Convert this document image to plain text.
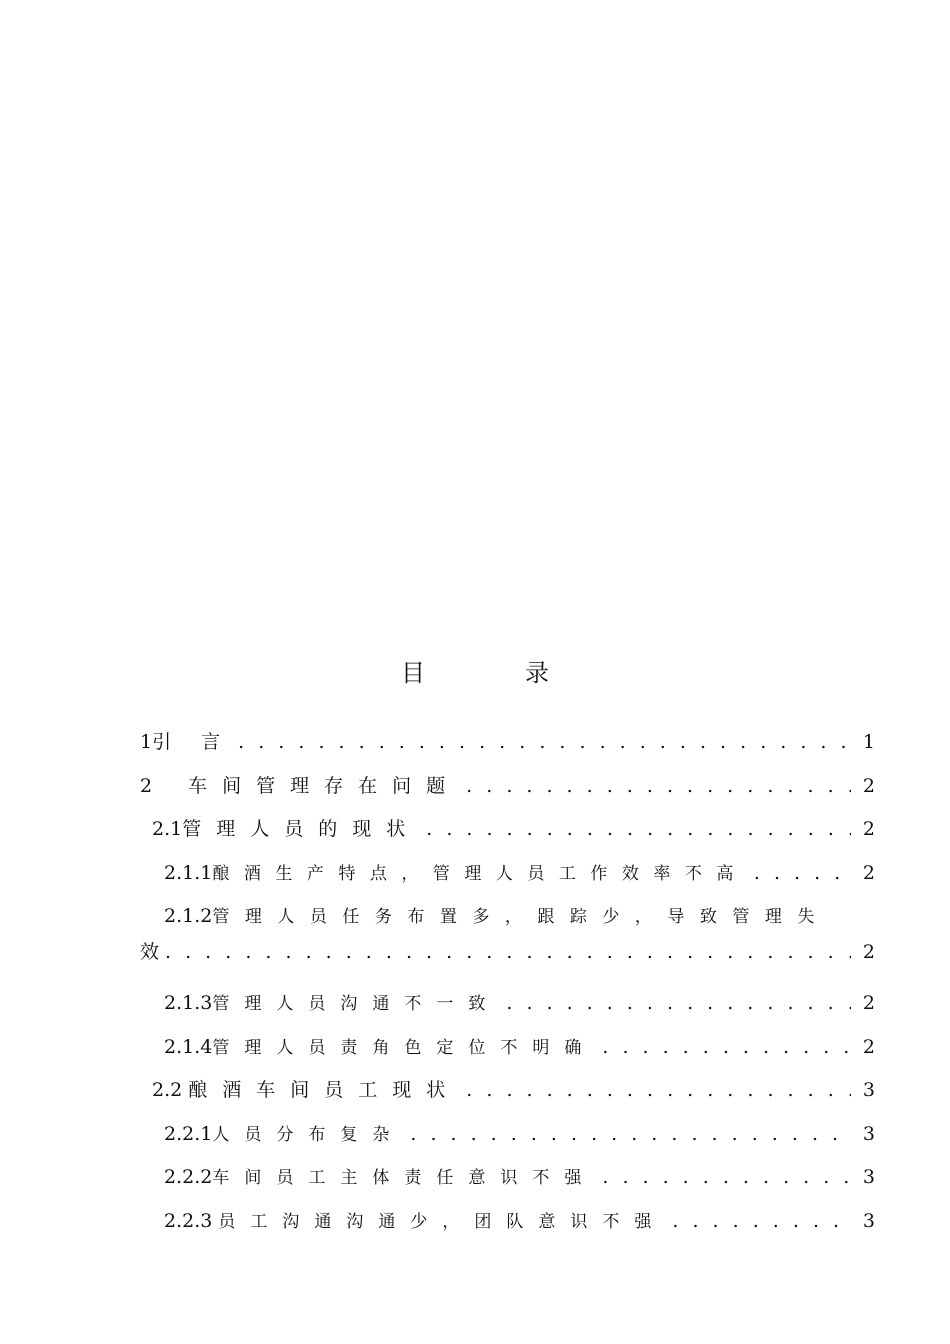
目　录
1引 言 . . .	1
2 车间管理存在问题 . . .	2
2.1管理人员的现状 . . .	2
2.1.1酿酒生产特点，管理人员工作效率不高 . . .	2
2.1.2管理人员任务布置多，跟踪少，导致管理失
效 . . .	2
2.1.3管理人员沟通不一致 . . .	2
2.1.4管理人员责角色定位不明确 . . .	2
2.2 酿酒车间员工现状 . . .	3
2.2.1人员分布复杂 . . .	3
2.2.2车间员工主体责任意识不强 . . .	3
2.2.3 员工沟通沟通少，团队意识不强 . . .	3
